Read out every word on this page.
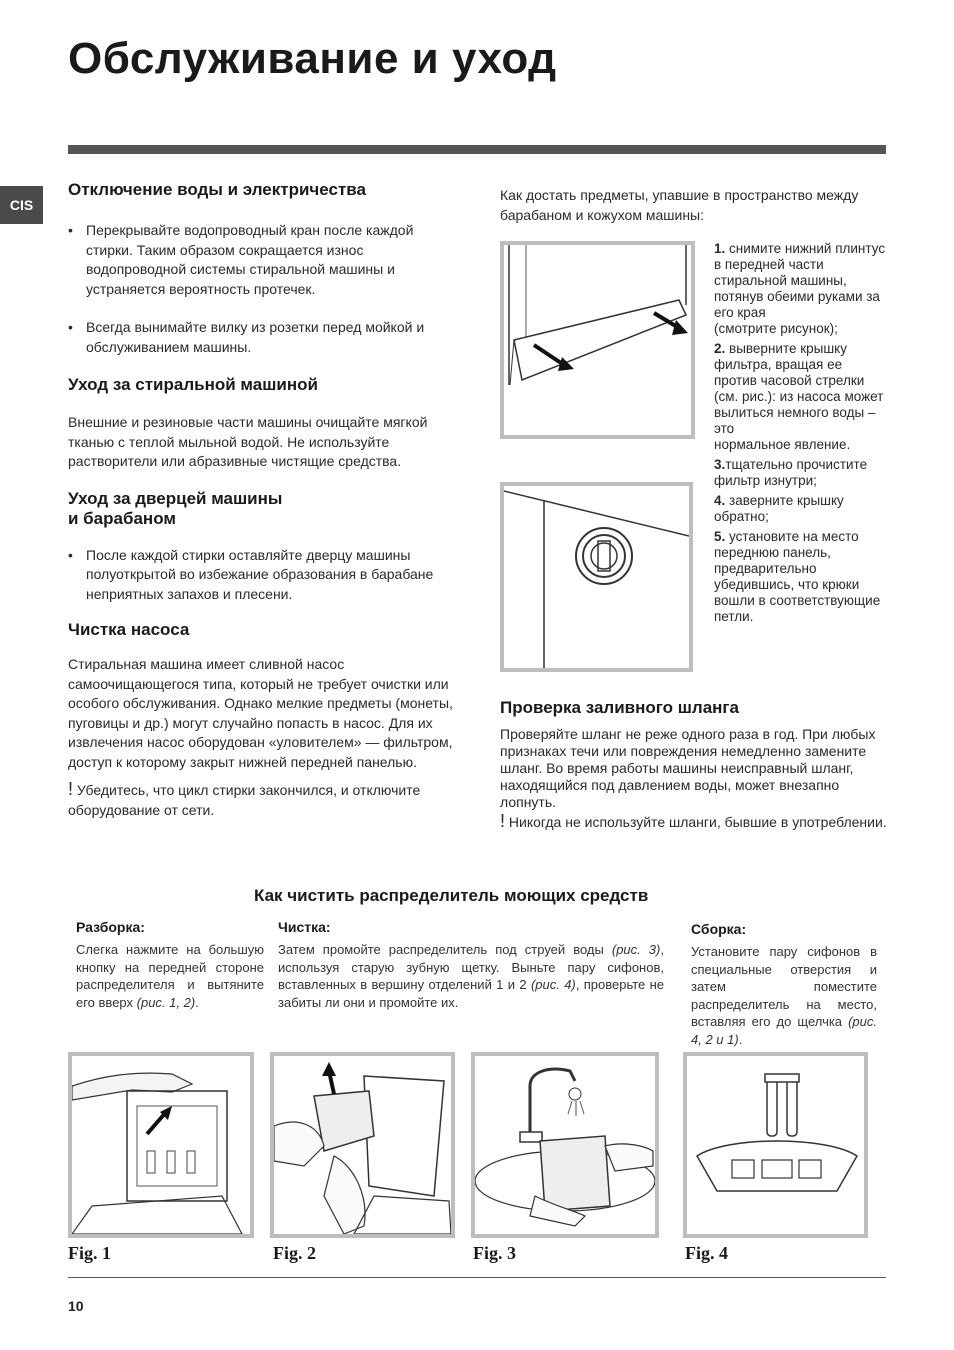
Обслуживание и уход
CIS
Отключение воды и электричества
• Перекрывайте водопроводный кран после каждой стирки. Таким образом сокращается износ водопроводной системы стиральной машины и устраняется вероятность протечек.
• Всегда вынимайте вилку из розетки перед мойкой и обслуживанием машины.
Уход за стиральной машиной

Внешние и резиновые части машины очищайте мягкой тканью с теплой мыльной водой. Не используйте растворители или абразивные чистящие средства.

Уход за дверцей машины
и барабаном
• После каждой стирки оставляйте дверцу машины полуоткрытой во избежание образования в барабане неприятных запахов и плесени.
Чистка насоса

Стиральная машина имеет сливной насос самоочищающегося типа, который не требует очистки или особого обслуживания. Однако мелкие предметы (монеты, пуговицы и др.) могут случайно попасть в насос. Для их извлечения насос оборудован «уловителем» — фильтром, доступ к которому закрыт нижней передней панелью.

! Убедитесь, что цикл стирки закончился, и отключите оборудование от сети.

Как достать предметы, упавшие в пространство между барабаном и кожухом машины:

1. снимите нижний плинтус в передней части стиральной машины, потянув обеими руками за его края
(смотрите рисунок);

2. выверните крышку фильтра, вращая ее против часовой стрелки (см. рис.): из насоса может вылиться немного воды – это
нормальное явление.

3.тщательно прочистите фильтр изнутри;

4. заверните крышку
обратно;

5. установите на место переднюю панель, предварительно убедившись, что крюки вошли в соответствующие петли.

Проверка заливного шланга

Проверяйте шланг не реже одного раза в год. При любых признаках течи или повреждения немедленно замените шланг. Во время работы машины неисправный шланг, находящийся под давлением воды, может внезапно лопнуть.

! Никогда не используйте шланги, бывшие в употреблении.

Как чистить распределитель моющих средств
Разборка:

Слегка нажмите на большую кнопку на передней стороне распределителя и вытяните его вверх (рис. 1, 2).

Чистка:

Затем промойте распределитель под струей воды (рис. 3), используя старую зубную щетку. Выньте пару сифонов, вставленных в вершину отделений 1 и 2 (рис. 4), проверьте не забиты ли они и промойте их.

Сборка:

Установите пару сифонов в специальные отверстия и затем поместите распределитель на место, вставляя его до щелчка (рис. 4, 2 и 1).

Fig. 1	Fig. 2	Fig. 3	Fig. 4
10
